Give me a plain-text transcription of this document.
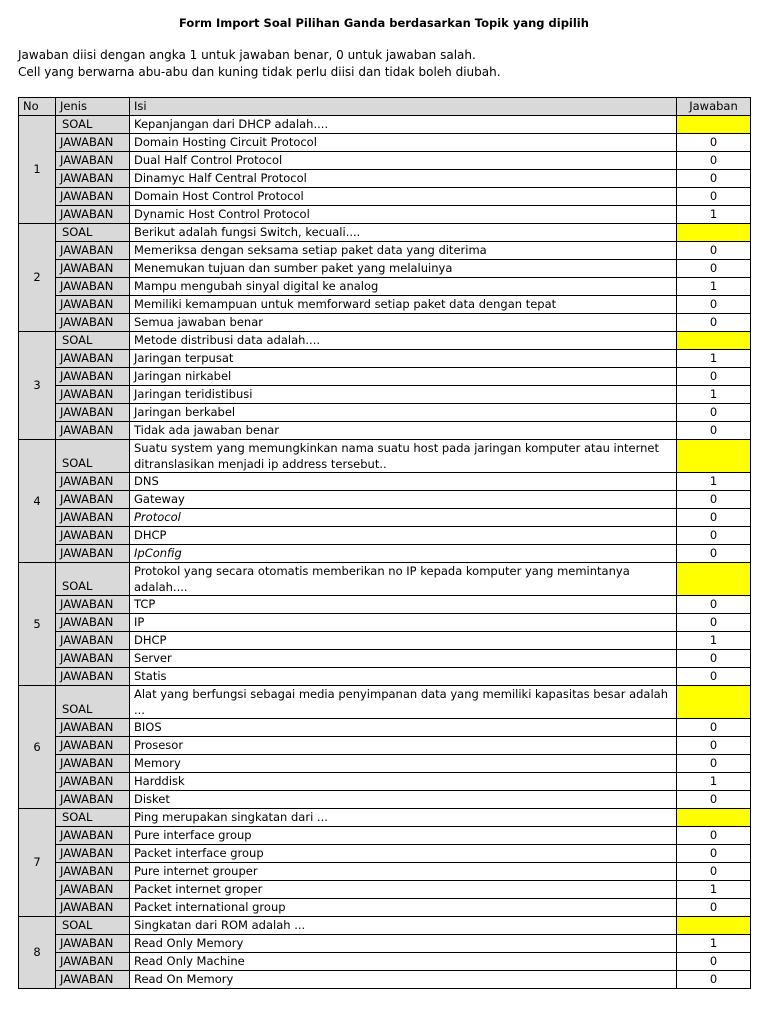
Form Import Soal Pilihan Ganda berdasarkan Topik yang dipilih
Jawaban diisi dengan angka 1 untuk jawaban benar, 0 untuk jawaban salah.
Cell yang berwarna abu-abu dan kuning tidak perlu diisi dan tidak boleh diubah.
No	Jenis	Isi	Jawaban
1	SOAL	Kepanjangan dari DHCP adalah....	
	JAWABAN	Domain Hosting Circuit Protocol	0
	JAWABAN	Dual Half Control Protocol	0
	JAWABAN	Dinamyc Half Central Protocol	0
	JAWABAN	Domain Host Control Protocol	0
	JAWABAN	Dynamic Host Control Protocol	1
2	SOAL	Berikut adalah fungsi Switch, kecuali....	
	JAWABAN	Memeriksa dengan seksama setiap paket data yang diterima	0
	JAWABAN	Menemukan tujuan dan sumber paket yang melaluinya	0
	JAWABAN	Mampu mengubah sinyal digital ke analog	1
	JAWABAN	Memiliki kemampuan untuk memforward setiap paket data dengan tepat	0
	JAWABAN	Semua jawaban benar	0
3	SOAL	Metode distribusi data adalah....	
	JAWABAN	Jaringan terpusat	1
	JAWABAN	Jaringan nirkabel	0
	JAWABAN	Jaringan teridistibusi	1
	JAWABAN	Jaringan berkabel	0
	JAWABAN	Tidak ada jawaban benar	0
4	SOAL	Suatu system yang memungkinkan nama suatu host pada jaringan komputer atau internet ditranslasikan menjadi ip address tersebut..	
	JAWABAN	DNS	1
	JAWABAN	Gateway	0
	JAWABAN	Protocol	0
	JAWABAN	DHCP	0
	JAWABAN	IpConfig	0
5	SOAL	Protokol yang secara otomatis memberikan no IP kepada komputer yang memintanya adalah....	
	JAWABAN	TCP	0
	JAWABAN	IP	0
	JAWABAN	DHCP	1
	JAWABAN	Server	0
	JAWABAN	Statis	0
6	SOAL	Alat yang berfungsi sebagai media penyimpanan data yang memiliki kapasitas besar adalah ...	
	JAWABAN	BIOS	0
	JAWABAN	Prosesor	0
	JAWABAN	Memory	0
	JAWABAN	Harddisk	1
	JAWABAN	Disket	0
7	SOAL	Ping merupakan singkatan dari ...	
	JAWABAN	Pure interface group	0
	JAWABAN	Packet interface group	0
	JAWABAN	Pure internet grouper	0
	JAWABAN	Packet internet groper	1
	JAWABAN	Packet international group	0
8	SOAL	Singkatan dari ROM adalah ...	
	JAWABAN	Read Only Memory	1
	JAWABAN	Read Only Machine	0
	JAWABAN	Read On Memory	0
